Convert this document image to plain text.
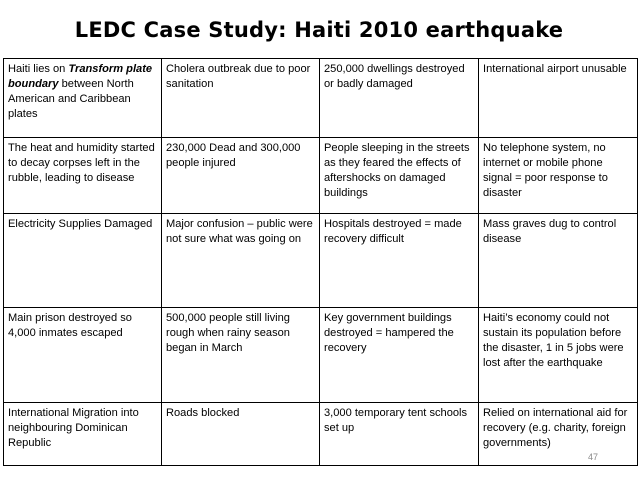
LEDC Case Study: Haiti 2010 earthquake
Haiti lies on Transform plate boundary between North American and Caribbean plates	Cholera outbreak due to poor sanitation	250,000 dwellings destroyed or badly damaged	International airport unusable
The heat and humidity started to decay corpses left in the rubble, leading to disease	230,000 Dead and 300,000 people injured	People sleeping in the streets as they feared the effects of aftershocks on damaged buildings	No telephone system, no internet or mobile phone signal = poor response to disaster
Electricity Supplies Damaged	Major confusion – public were not sure what was going on	Hospitals destroyed = made recovery difficult	Mass graves dug to control disease
Main prison destroyed so 4,000 inmates escaped	500,000 people still living rough when rainy season began in March	Key government buildings destroyed = hampered the recovery	Haiti’s economy could not sustain its population before the disaster, 1 in 5 jobs were lost after the earthquake
International Migration into neighbouring Dominican Republic	Roads blocked	3,000 temporary tent schools set up	Relied on international aid for recovery (e.g. charity, foreign governments)
47
